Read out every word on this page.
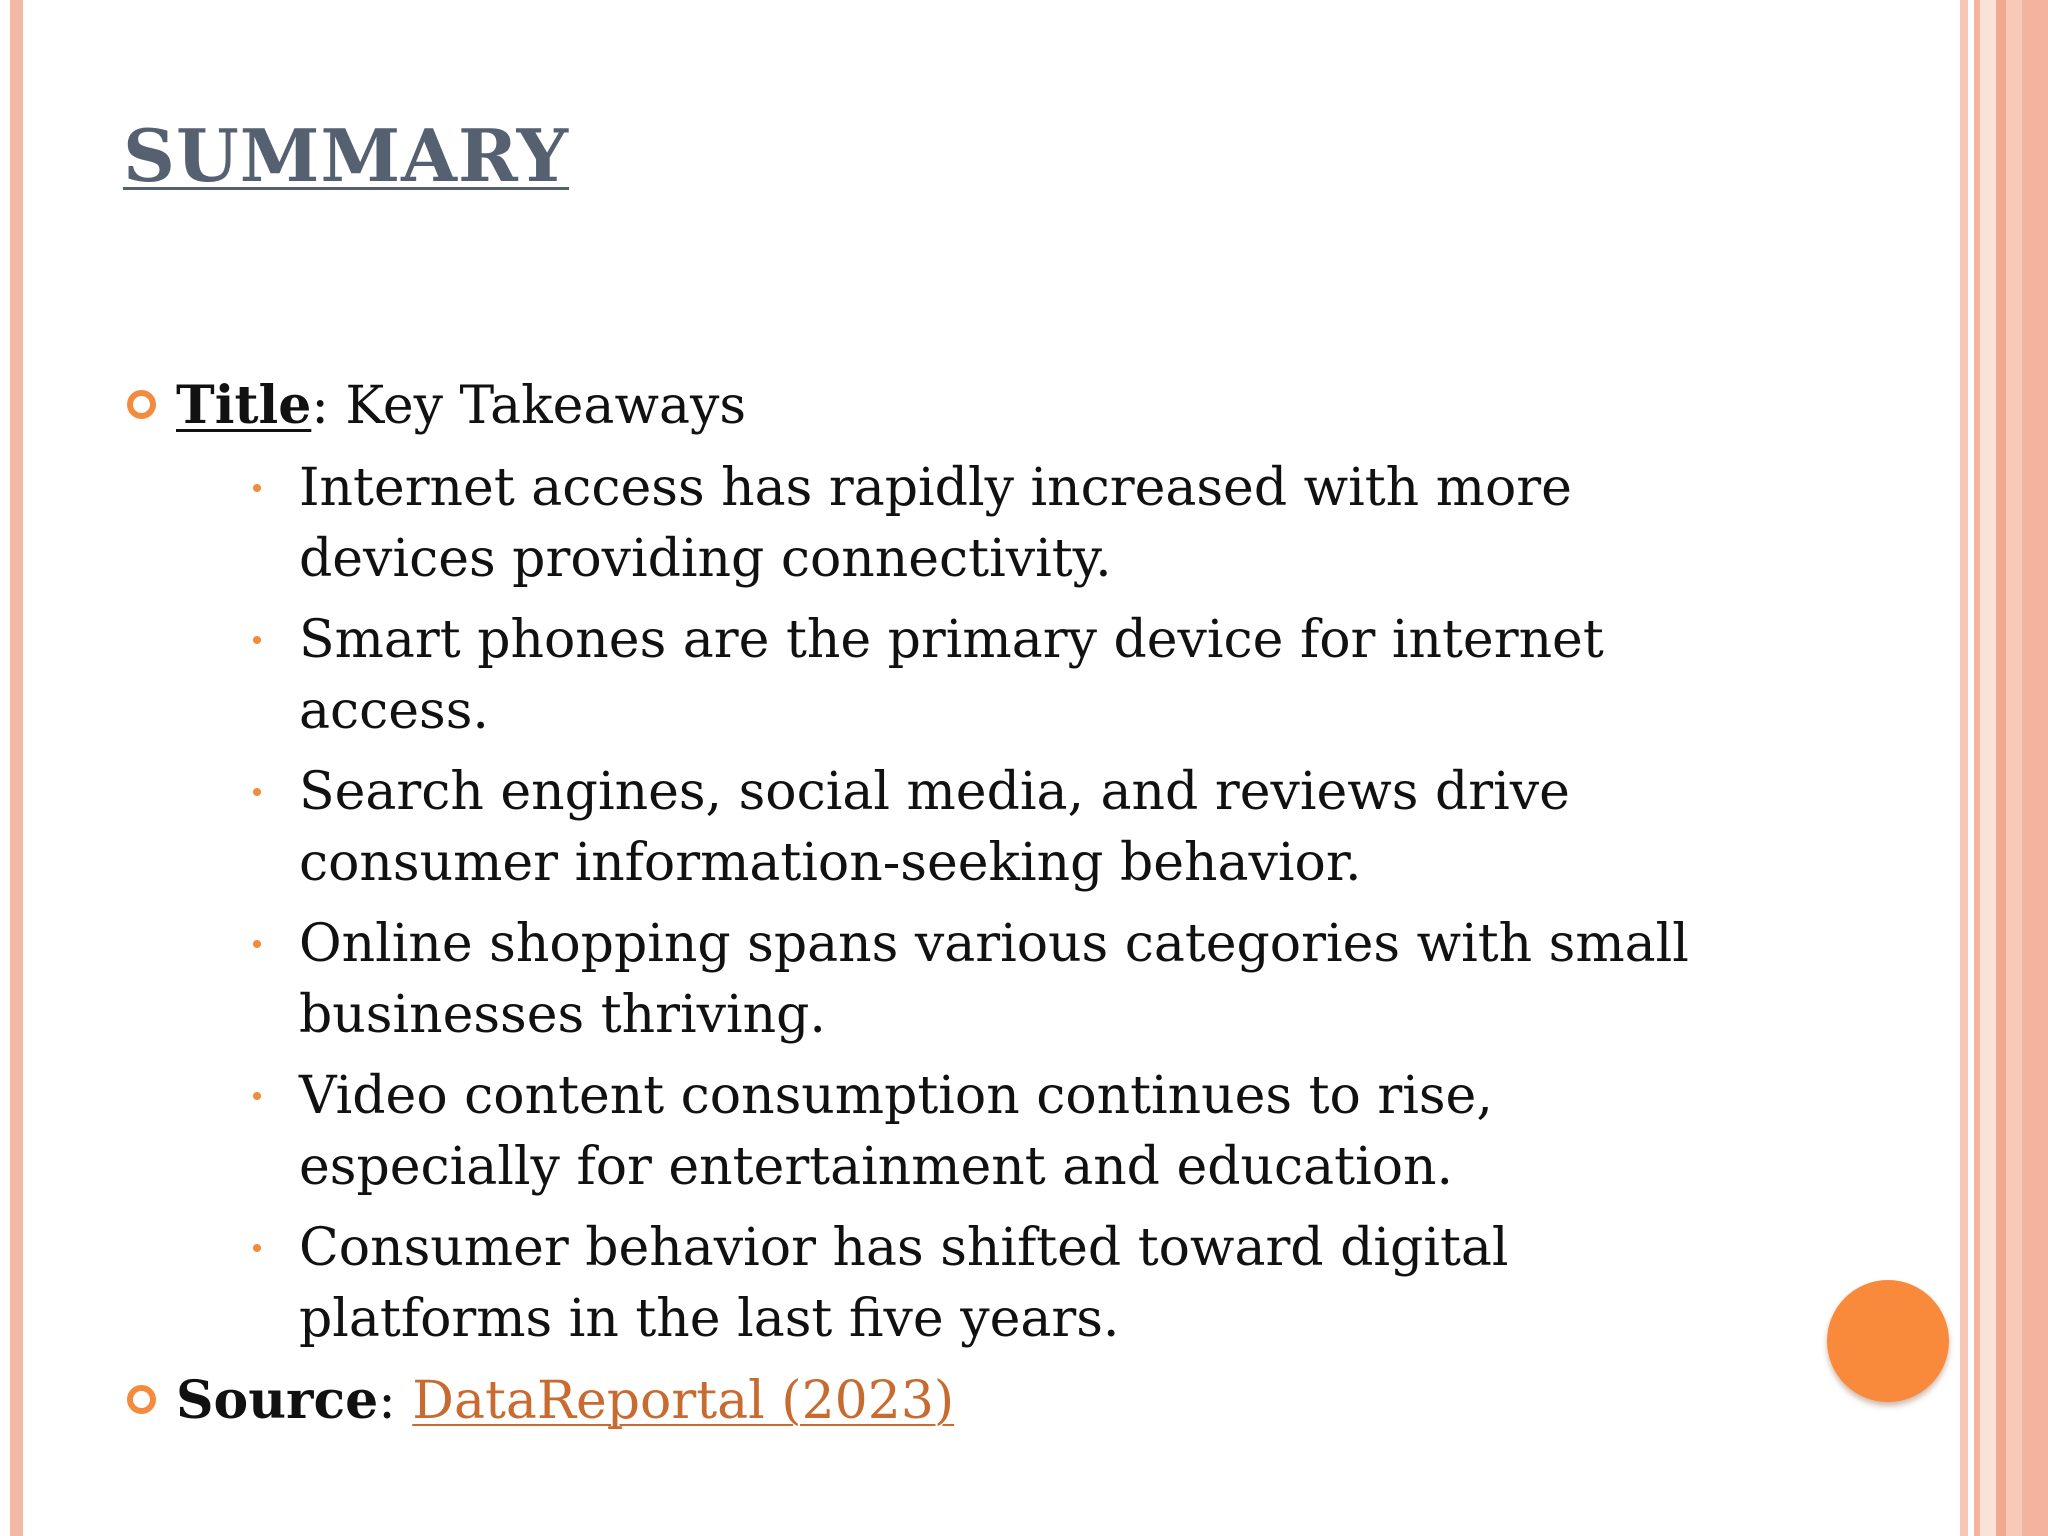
SUMMARY
Title: Key Takeaways
Internet access has rapidly increased with more devices providing connectivity.
Smart phones are the primary device for internet access.
Search engines, social media, and reviews drive consumer information-seeking behavior.
Online shopping spans various categories with small businesses thriving.
Video content consumption continues to rise, especially for entertainment and education.
Consumer behavior has shifted toward digital platforms in the last five years.
Source: DataReportal (2023)
